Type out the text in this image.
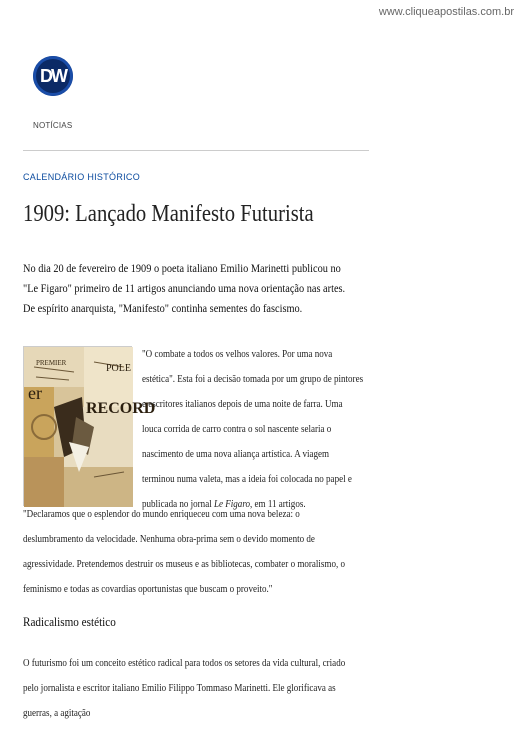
www.cliqueapostilas.com.br
DW
NOTÍCIAS
CALENDÁRIO HISTÓRICO
1909: Lançado Manifesto Futurista

No dia 20 de fevereiro de 1909 o poeta italiano Emilio Marinetti publicou no "Le Figaro" primeiro de 11 artigos anunciando uma nova orientação nas artes. De espírito anarquista, "Manifesto" continha sementes do fascismo.

PREMIER
RECORD
POLE
er

"O combate a todos os velhos valores. Por uma nova estética". Esta foi a decisão tomada por um grupo de pintores e escritores italianos depois de uma noite de farra. Uma louca corrida de carro contra o sol nascente selaria o nascimento de uma nova aliança artística. A viagem terminou numa valeta, mas a ideia foi colocada no papel e publicada no jornal Le Figaro, em 11 artigos.

"Declaramos que o esplendor do mundo enriqueceu com uma nova beleza: o deslumbramento da velocidade. Nenhuma obra-prima sem o devido momento de agressividade. Pretendemos destruir os museus e as bibliotecas, combater o moralismo, o feminismo e todas as covardias oportunistas que buscam o proveito."

Radicalismo estético

O futurismo foi um conceito estético radical para todos os setores da vida cultural, criado pelo jornalista e escritor italiano Emilio Filippo Tommaso Marinetti. Ele glorificava as guerras, a agitação
